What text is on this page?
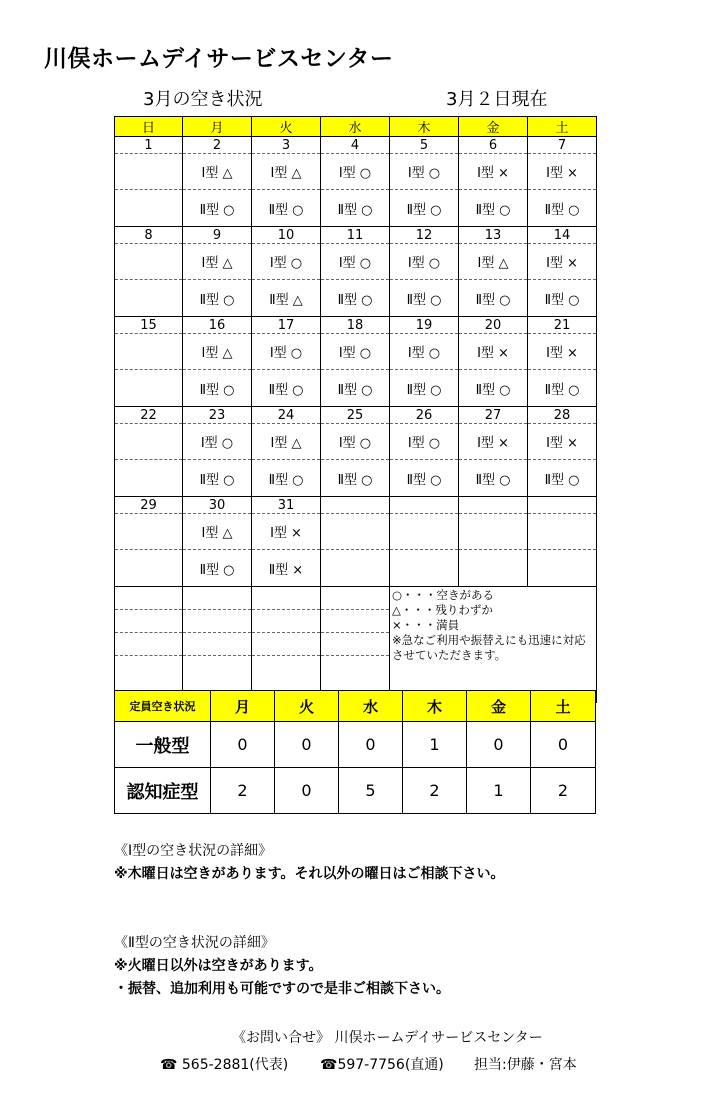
川俣ホームデイサービスセンター
3月の空き状況	3月２日現在
日	月	火	水	木	金	土
1	2	3	4	5	6	7
	Ⅰ型 △	Ⅰ型 △	Ⅰ型 ○	Ⅰ型 ○	Ⅰ型 ×	Ⅰ型 ×
	Ⅱ型 ○	Ⅱ型 ○	Ⅱ型 ○	Ⅱ型 ○	Ⅱ型 ○	Ⅱ型 ○
8	9	10	11	12	13	14
	Ⅰ型 △	Ⅰ型 ○	Ⅰ型 ○	Ⅰ型 ○	Ⅰ型 △	Ⅰ型 ×
	Ⅱ型 ○	Ⅱ型 △	Ⅱ型 ○	Ⅱ型 ○	Ⅱ型 ○	Ⅱ型 ○
15	16	17	18	19	20	21
	Ⅰ型 △	Ⅰ型 ○	Ⅰ型 ○	Ⅰ型 ○	Ⅰ型 ×	Ⅰ型 ×
	Ⅱ型 ○	Ⅱ型 ○	Ⅱ型 ○	Ⅱ型 ○	Ⅱ型 ○	Ⅱ型 ○
22	23	24	25	26	27	28
	Ⅰ型 ○	Ⅰ型 △	Ⅰ型 ○	Ⅰ型 ○	Ⅰ型 ×	Ⅰ型 ×
	Ⅱ型 ○	Ⅱ型 ○	Ⅱ型 ○	Ⅱ型 ○	Ⅱ型 ○	Ⅱ型 ○
29	30	31				
	Ⅰ型 △	Ⅰ型 ×				
	Ⅱ型 ○	Ⅱ型 ×				

				○・・・空きがある
△・・・残りわずか
×・・・満員
※急なご利用や振替えにも迅速に対応させていただきます。		

定員空き状況	月	火	水	木	金	土
一般型	0	0	0	1	0	0
認知症型	2	0	5	2	1	2
《Ⅰ型の空き状況の詳細》
※木曜日は空きがあります。それ以外の曜日はご相談下さい。
《Ⅱ型の空き状況の詳細》
※火曜日以外は空きがあります。
・振替、追加利用も可能ですので是非ご相談下さい。
《お問い合せ》 川俣ホームデイサービスセンター
☎ 565-2881(代表) ☎597-7756(直通) 担当:伊藤・宮本
